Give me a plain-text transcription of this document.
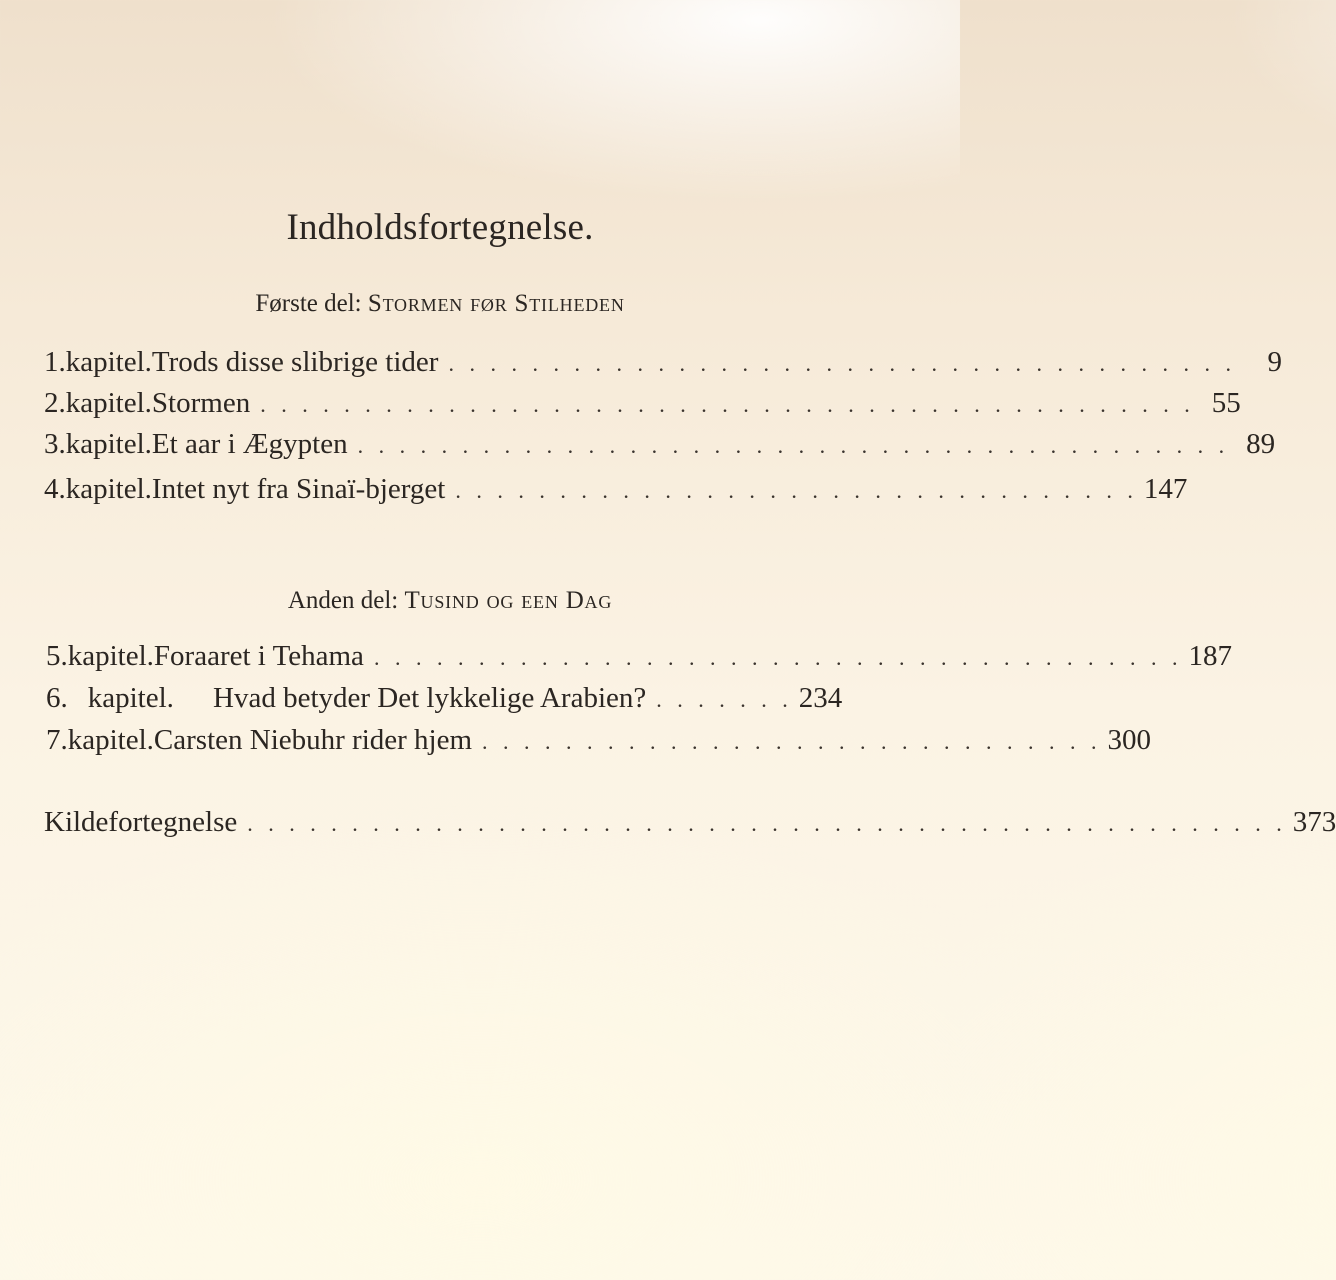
Indholdsfortegnelse.
Første del: Stormen før Stilheden
1. kapitel. Trods disse slibrige tider . . . . . . . . . . . . . . . . . . . . . . . . . . . . . . . . . . . . . .	9
2. kapitel. Stormen . . . . . . . . . . . . . . . . . . . . . . . . . . . . . . . . . . . . . . . . . . . . . 55
3. kapitel. Et aar i Ægypten . . . . . . . . . . . . . . . . . . . . . . . . . . . . . . . . . . . . . . . . . . 89
4. kapitel. Intet nyt fra Sinaï-bjerget . . . . . . . . . . . . . . . . . . . . . . . . . . . . . . . . . 147
Anden del: Tusind og een Dag
5. kapitel. Foraaret i Tehama . . . . . . . . . . . . . . . . . . . . . . . . . . . . . . . . . . . . . . . 187
6. kapitel.	Hvad betyder Det lykkelige Arabien? . . . . . . . 234
7. kapitel. Carsten Niebuhr rider hjem . . . . . . . . . . . . . . . . . . . . . . . . . . . . . . 300
Kildefortegnelse . . . . . . . . . . . . . . . . . . . . . . . . . . . . . . . . . . . . . . . . . . . . . . . . . . 373
